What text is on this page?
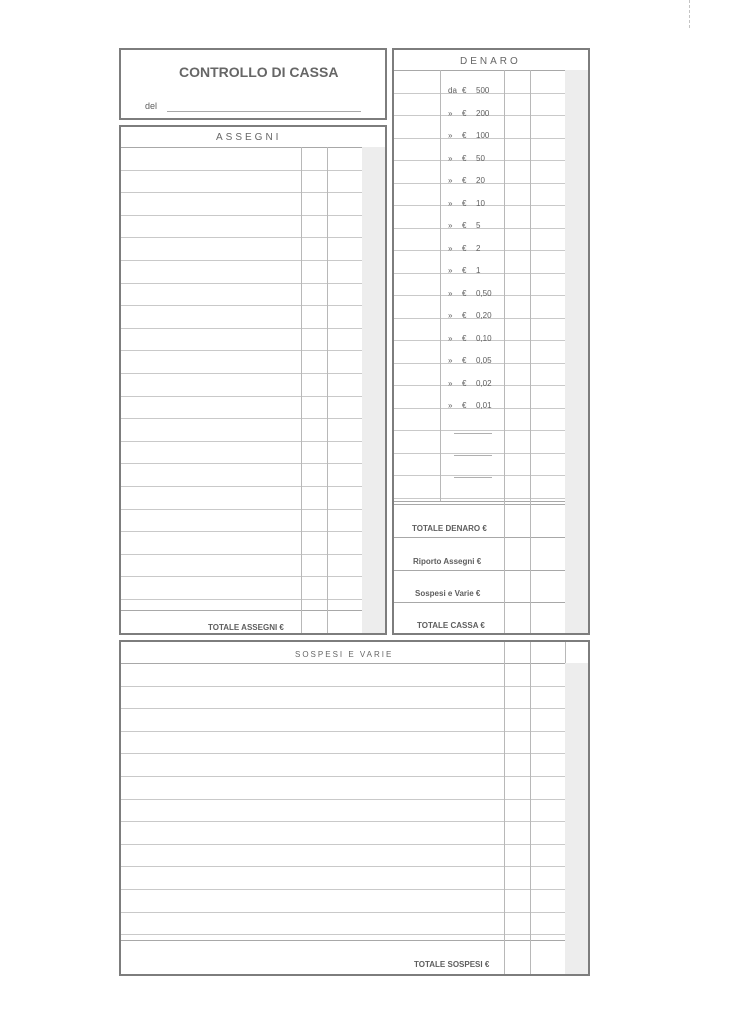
CONTROLLO DI CASSA
del
ASSEGNI
TOTALE ASSEGNI €
DENARO
TOTALE DENARO €
Riporto Assegni €
Sospesi e Varie €
TOTALE CASSA €
da € 500
» € 200
» € 100
» € 50
» € 20
» € 10
» € 5
» € 2
» € 1
» € 0,50
» € 0,20
» € 0,10
» € 0,05
» € 0,02
» € 0,01
SOSPESI E VARIE
TOTALE SOSPESI €
